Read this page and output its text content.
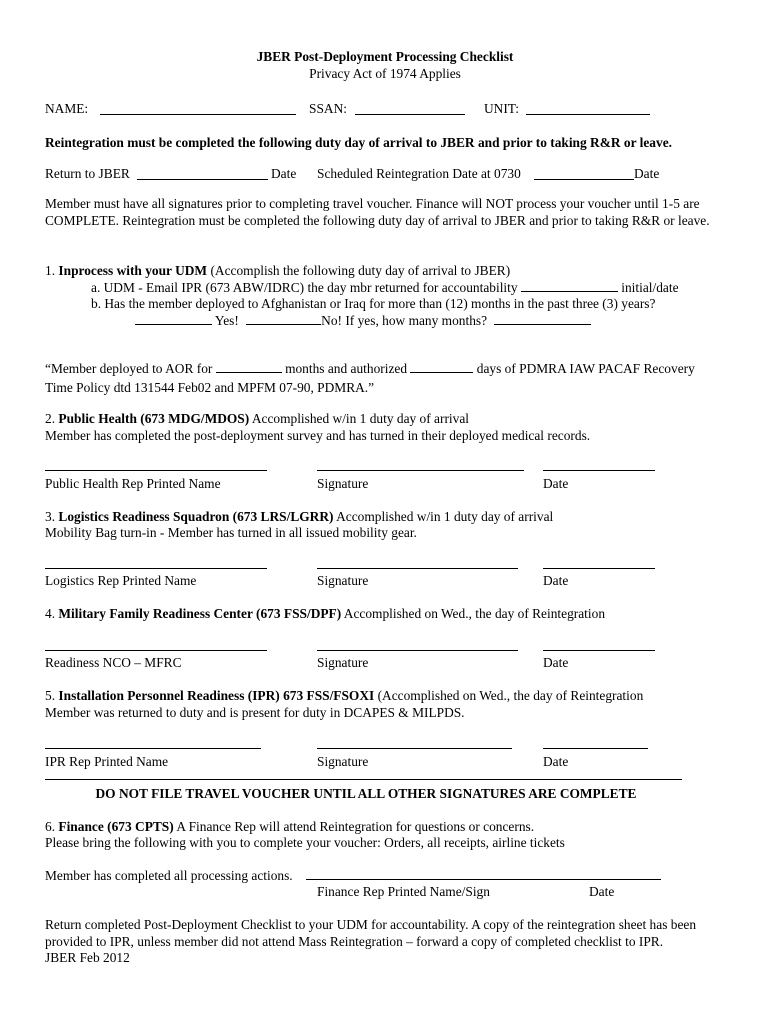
JBER Post-Deployment Processing Checklist
Privacy Act of 1974 Applies
NAME:	SSAN:	UNIT:
Reintegration must be completed the following duty day of arrival to JBER and prior to taking R&R or leave.
Return to JBER	Date Scheduled Reintegration Date at 0730	Date
Member must have all signatures prior to completing travel voucher. Finance will NOT process your voucher until 1-5 are COMPLETE. Reintegration must be completed the following duty day of arrival to JBER and prior to taking R&R or leave.
1. Inprocess with your UDM (Accomplish the following duty day of arrival to JBER)
a. UDM - Email IPR (673 ABW/IDRC) the day mbr returned for accountability	initial/date
b. Has the member deployed to Afghanistan or Iraq for more than (12) months in the past three (3) years?
Yes!	No! If yes, how many months?
“Member deployed to AOR for	months and authorized	days of PDMRA IAW PACAF Recovery
Time Policy dtd 131544 Feb02 and MPFM 07-90, PDMRA.”
2. Public Health (673 MDG/MDOS) Accomplished w/in 1 duty day of arrival
Member has completed the post-deployment survey and has turned in their deployed medical records.
Public Health Rep Printed Name	Signature	Date
3. Logistics Readiness Squadron (673 LRS/LGRR) Accomplished w/in 1 duty day of arrival
Mobility Bag turn-in - Member has turned in all issued mobility gear.
Logistics Rep Printed Name	Signature	Date
4. Military Family Readiness Center (673 FSS/DPF) Accomplished on Wed., the day of Reintegration
Readiness NCO – MFRC	Signature	Date
5. Installation Personnel Readiness (IPR) 673 FSS/FSOXI (Accomplished on Wed., the day of Reintegration
Member was returned to duty and is present for duty in DCAPES & MILPDS.
IPR Rep Printed Name	Signature	Date
DO NOT FILE TRAVEL VOUCHER UNTIL ALL OTHER SIGNATURES ARE COMPLETE
6. Finance (673 CPTS) A Finance Rep will attend Reintegration for questions or concerns.
Please bring the following with you to complete your voucher: Orders, all receipts, airline tickets
Member has completed all processing actions.
Finance Rep Printed Name/Sign	Date
Return completed Post-Deployment Checklist to your UDM for accountability. A copy of the reintegration sheet has been provided to IPR, unless member did not attend Mass Reintegration – forward a copy of completed checklist to IPR.
JBER Feb 2012
